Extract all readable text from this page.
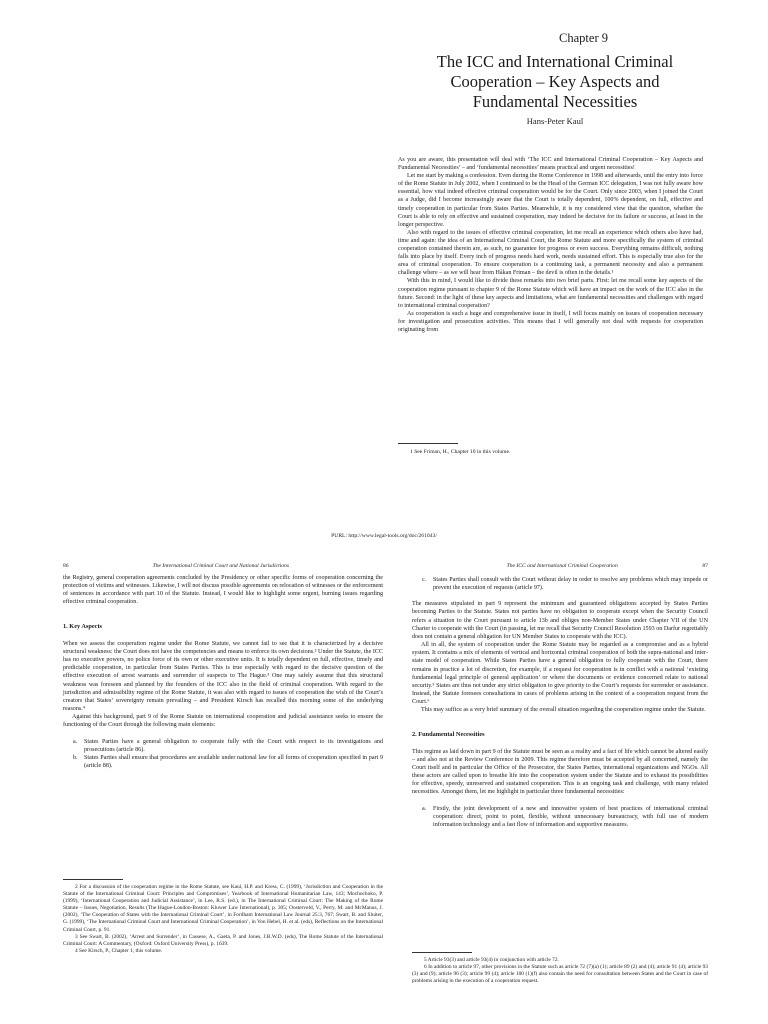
Chapter 9
The ICC and International Criminal
Cooperation – Key Aspects and
Fundamental Necessities
Hans-Peter Kaul

As you are aware, this presentation will deal with ‘The ICC and International Criminal Cooperation – Key Aspects and Fundamental Necessities’ – and ‘fundamental necessities’ means practical and urgent necessities!

Let me start by making a confession. Even during the Rome Conference in 1998 and afterwards, until the entry into force of the Rome Statute in July 2002, when I continued to be the Head of the German ICC delegation, I was not fully aware how essential, how vital indeed effective criminal cooperation would be for the Court. Only since 2003, when I joined the Court as a Judge, did I become increasingly aware that the Court is totally dependent, 100% dependent, on full, effective and timely cooperation in particular from States Parties. Meanwhile, it is my considered view that the question, whether the Court is able to rely on effective and sustained cooperation, may indeed be decisive for its failure or success, at least in the longer perspective.

Also with regard to the issues of effective criminal cooperation, let me recall an experience which others also have had, time and again: the idea of an International Criminal Court, the Rome Statute and more specifically the system of criminal cooperation contained therein are, as such, no guarantee for progress or even success. Everything remains difficult, nothing falls into place by itself. Every inch of progress needs hard work, needs sustained effort. This is especially true also for the area of criminal cooperation. To ensure cooperation is a continuing task, a permanent necessity and also a permanent challenge where – as we will hear from Håkan Friman – the devil is often in the details.¹

With this in mind, I would like to divide these remarks into two brief parts. First: let me recall some key aspects of the cooperation regime pursuant to chapter 9 of the Rome Statute which will have an impact on the work of the ICC also in the future. Second: in the light of these key aspects and limitations, what are fundamental necessities and challenges with regard to international criminal cooperation?

As cooperation is such a huge and comprehensive issue in itself, I will focus mainly on issues of cooperation necessary for investigation and prosecution activities. This means that I will generally not deal with requests for cooperation originating from

1 See Friman, H., Chapter 10 in this volume.

PURL: http://www.legal-tools.org/doc/261043/
86	The International Criminal Court and National Jurisdictions

the Registry, general cooperation agreements concluded by the Presidency or other specific forms of cooperation concerning the protection of victims and witnesses. Likewise, I will not discuss possible agreements on relocation of witnesses or the enforcement of sentences in accordance with part 10 of the Statute. Instead, I would like to highlight some urgent, burning issues regarding effective criminal cooperation.

1. Key Aspects

When we assess the cooperation regime under the Rome Statute, we cannot fail to see that it is characterized by a decisive structural weakness: the Court does not have the competencies and means to enforce its own decisions.² Under the Statute, the ICC has no executive powers, no police force of its own or other executive units. It is totally dependent on full, effective, timely and predictable cooperation, in particular from States Parties. This is true especially with regard to the decisive question of the effective execution of arrest warrants and surrender of suspects to The Hague.³ One may safely assume that this structural weakness was foreseen and planned by the founders of the ICC also in the field of criminal cooperation. With regard to the jurisdiction and admissibility regime of the Rome Statute, it was also with regard to issues of cooperation the wish of the Court’s creators that States’ sovereignty remain prevailing – and President Kirsch has recalled this morning some of the underlying reasons.⁴

Against this background, part 9 of the Rome Statute on international cooperation and judicial assistance seeks to ensure the functioning of the Court through the following main elements:

a. States Parties have a general obligation to cooperate fully with the Court with respect to its investigations and prosecutions (article 86).
b. States Parties shall ensure that procedures are available under national law for all forms of cooperation specified in part 9 (article 88).

2 For a discussion of the cooperation regime in the Rome Statute, see Kaul, H.P. and Kress, C. (1999), ‘Jurisdiction and Cooperation in the Statute of the International Criminal Court: Principles and Compromises’, Yearbook of International Humanitarian Law, 143; Mochochoko, P. (1999), ‘International Cooperation and Judicial Assistance’, in Lee, R.S. (ed.), in The International Criminal Court: The Making of the Rome Statute – Issues, Negotiation, Results (The Hague-London-Boston: Kluwer Law International), p. 305; Oosterveld, V., Perry, M. and McManus, J. (2002), ‘The Cooperation of States with the International Criminal Court’, in Fordham International Law Journal 25:3, 767; Swart, B. and Sluiter, G. (1999), ‘The International Criminal Court and International Criminal Cooperation’, in Von Hebel, H. et al. (eds), Reflections on the International Criminal Court, p. 91.

3 See Swart, B. (2002), ‘Arrest and Surrender’, in Cassese, A., Gaeta, P. and Jones, J.R.W.D. (eds), The Rome Statute of the International Criminal Court: A Commentary, (Oxford: Oxford University Press), p. 1639.

4 See Kirsch, P., Chapter 1, this volume.

The ICC and International Criminal Cooperation	87
c. States Parties shall consult with the Court without delay in order to resolve any problems which may impede or prevent the execution of requests (article 97).

The measures stipulated in part 9 represent the minimum and guaranteed obligations accepted by States Parties becoming Parties to the Statute. States not parties have no obligation to cooperate except when the Security Council refers a situation to the Court pursuant to article 13b and obliges non-Member States under Chapter VII of the UN Charter to cooperate with the Court (in passing, let me recall that Security Council Resolution 1593 on Darfur regrettably does not contain a general obligation for UN Member States to cooperate with the ICC).

All in all, the system of cooperation under the Rome Statute may be regarded as a compromise and as a hybrid system. It contains a mix of elements of vertical and horizontal criminal cooperation of both the supra-national and inter-state model of cooperation. While States Parties have a general obligation to fully cooperate with the Court, there remains in practice a lot of discretion, for example, if a request for cooperation is in conflict with a national ‘existing fundamental legal principle of general application’ or where the documents or evidence concerned relate to national security.⁵ States are thus not under any strict obligation to give priority to the Court’s requests for surrender or assistance. Instead, the Statute foresees consultations in cases of problems arising in the context of a cooperation request from the Court.⁶

This may suffice as a very brief summary of the overall situation regarding the cooperation regime under the Statute.

2. Fundamental Necessities

This regime as laid down in part 9 of the Statute must be seen as a reality and a fact of life which cannot be altered easily – and also not at the Review Conference in 2009. This regime therefore must be accepted by all concerned, namely the Court itself and in particular the Office of the Prosecutor, the States Parties, international organizations and NGOs. All these actors are called upon to breathe life into the cooperation system under the Statute and to exhaust its possibilities for effective, speedy, unreserved and sustained cooperation. This is an ongoing task and challenge, with many related necessities. Amongst them, let me highlight in particular three fundamental necessities:

a. Firstly, the joint development of a new and innovative system of best practices of international criminal cooperation: direct, point to point, flexible, without unnecessary bureaucracy, with full use of modern information technology and a fast flow of information and supportive measures.

5 Article 93(3) and article 93(4) in conjunction with article 72.

6 In addition to article 97, other provisions in the Statute such as article 72 (7)(a) (1); article 89 (2) and (4); article 91 (4); article 93 (3) and (9); article 96 (3); article 99 (4); article 100 (1)(f) also contain the need for consultation between States and the Court in case of problems arising in the execution of a cooperation request.
